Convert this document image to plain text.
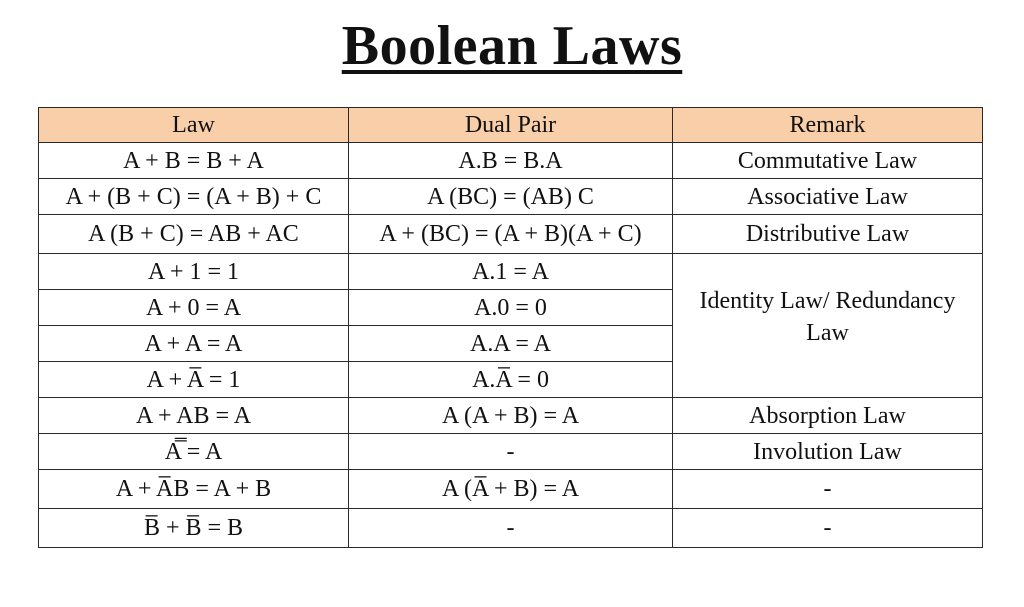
Boolean Laws
Law	Dual Pair	Remark
A + B = B + A	A.B = B.A	Commutative Law
A + (B + C) = (A + B) + C	A (BC) = (AB) C	Associative Law
A (B + C) = AB + AC	A + (BC) = (A + B)(A + C)	Distributive Law
A + 1 = 1	A.1 = A	Identity Law/ Redundancy Law
A + 0 = A	A.0 = 0	
A + A = A	A.A = A	
A + A̅ = 1	A.A̅ = 0	
A + AB = A	A (A + B) = A	Absorption Law
A̿ = A	-	Involution Law
A + A̅B = A + B	A (A̅ + B) = A	-
B̅ + B̅ = B	-	-
